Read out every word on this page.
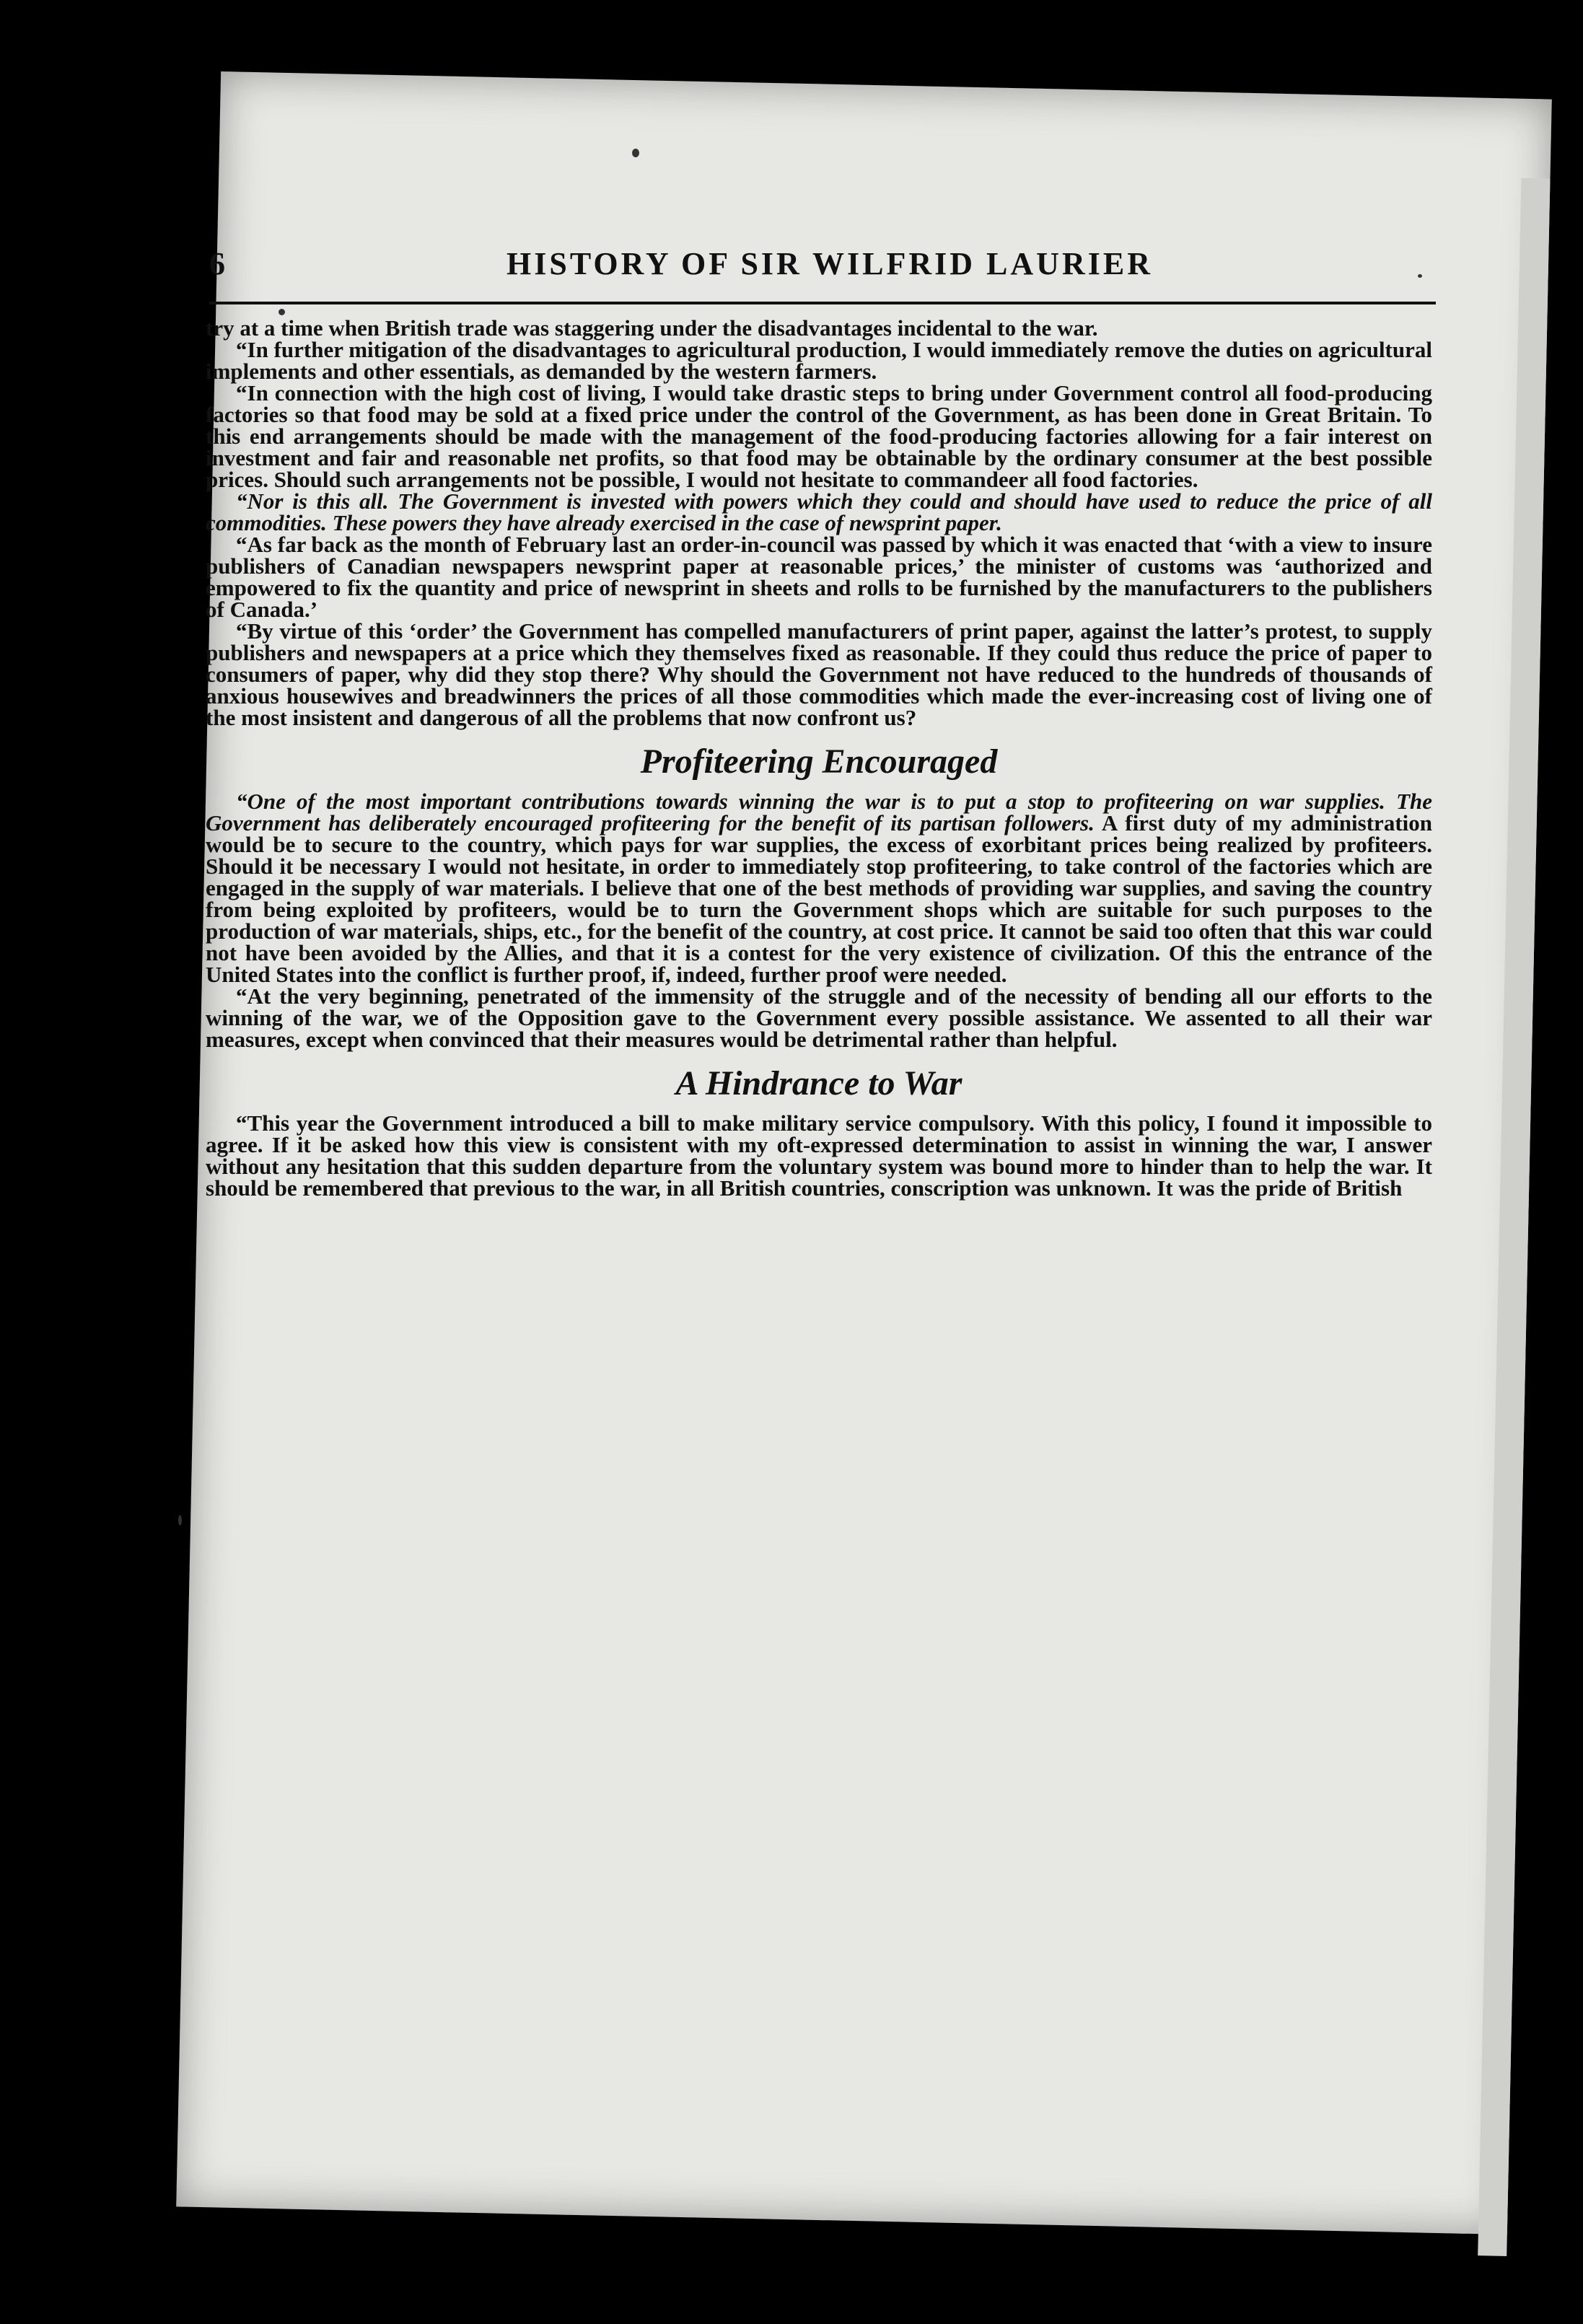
6	HISTORY OF SIR WILFRID LAURIER

try at a time when British trade was staggering under the disadvantages incidental to the war.

“In further mitigation of the disadvantages to agricultural production, I would immediately remove the duties on agricultural implements and other essentials, as demanded by the western farmers.

“In connection with the high cost of living, I would take drastic steps to bring under Government control all food-producing factories so that food may be sold at a fixed price under the control of the Government, as has been done in Great Britain. To this end arrangements should be made with the management of the food-producing factories allowing for a fair interest on investment and fair and reasonable net profits, so that food may be obtainable by the ordinary consumer at the best possible prices. Should such arrangements not be possible, I would not hesitate to commandeer all food factories.

“Nor is this all. The Government is invested with powers which they could and should have used to reduce the price of all commodities. These powers they have already exercised in the case of newsprint paper.

“As far back as the month of February last an order-in-council was passed by which it was enacted that ‘with a view to insure publishers of Canadian newspapers newsprint paper at reasonable prices,’ the minister of customs was ‘authorized and empowered to fix the quantity and price of newsprint in sheets and rolls to be furnished by the manufacturers to the publishers of Canada.’

“By virtue of this ‘order’ the Government has compelled manufacturers of print paper, against the latter’s protest, to supply publishers and newspapers at a price which they themselves fixed as reasonable. If they could thus reduce the price of paper to consumers of paper, why did they stop there? Why should the Government not have reduced to the hundreds of thousands of anxious housewives and breadwinners the prices of all those commodities which made the ever-increasing cost of living one of the most insistent and dangerous of all the problems that now confront us?

Profiteering Encouraged

“One of the most important contributions towards winning the war is to put a stop to profiteering on war supplies. The Government has deliberately encouraged profiteering for the benefit of its partisan followers. A first duty of my administration would be to secure to the country, which pays for war supplies, the excess of exorbitant prices being realized by profiteers. Should it be necessary I would not hesitate, in order to immediately stop profiteering, to take control of the factories which are engaged in the supply of war materials. I believe that one of the best methods of providing war supplies, and saving the country from being exploited by profiteers, would be to turn the Government shops which are suitable for such purposes to the production of war materials, ships, etc., for the benefit of the country, at cost price. It cannot be said too often that this war could not have been avoided by the Allies, and that it is a contest for the very existence of civilization. Of this the entrance of the United States into the conflict is further proof, if, indeed, further proof were needed.

“At the very beginning, penetrated of the immensity of the struggle and of the necessity of bending all our efforts to the winning of the war, we of the Opposition gave to the Government every possible assistance. We assented to all their war measures, except when convinced that their measures would be detrimental rather than helpful.

A Hindrance to War

“This year the Government introduced a bill to make military service compulsory. With this policy, I found it impossible to agree. If it be asked how this view is consistent with my oft-expressed determination to assist in winning the war, I answer without any hesitation that this sudden departure from the voluntary system was bound more to hinder than to help the war. It should be remembered that previous to the war, in all British countries, conscription was unknown. It was the pride of British
